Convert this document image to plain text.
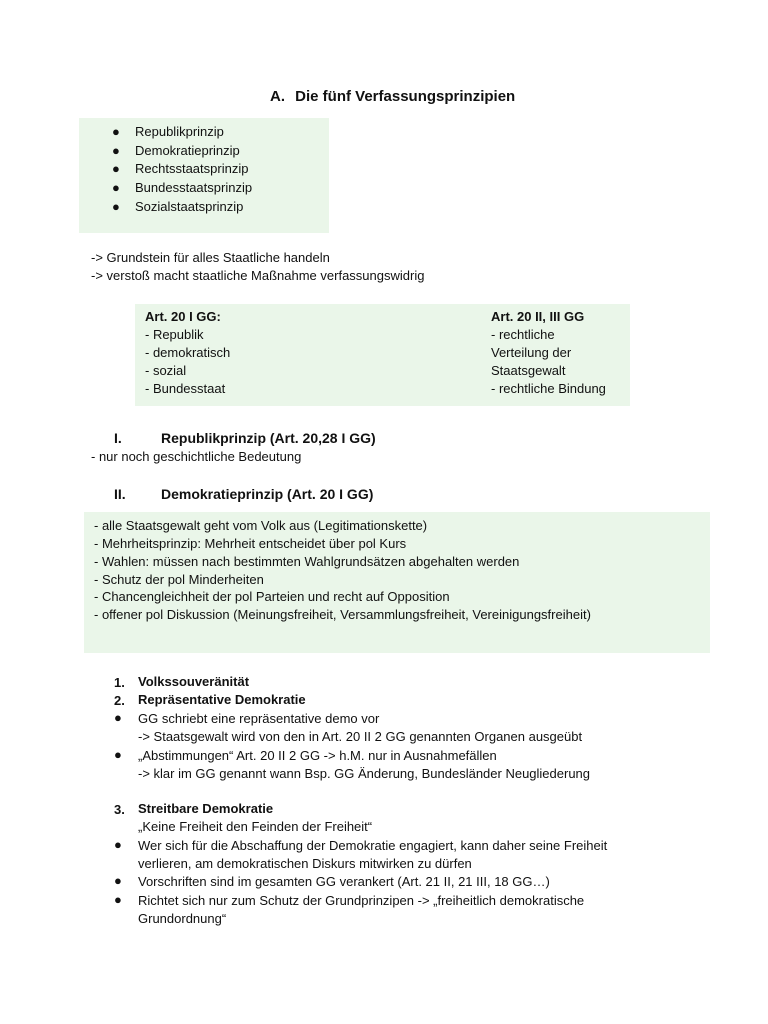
A. Die fünf Verfassungsprinzipien
● Republikprinzip
● Demokratieprinzip
● Rechtsstaatsprinzip
● Bundesstaatsprinzip
● Sozialstaatsprinzip
-> Grundstein für alles Staatliche handeln
-> verstoß macht staatliche Maßnahme verfassungswidrig
Art. 20 I GG:
- Republik
- demokratisch
- sozial
- Bundesstaat
Art. 20 II, III GG
- rechtliche
Verteilung der
Staatsgewalt
- rechtliche Bindung
I.	Republikprinzip (Art. 20,28 I GG)
- nur noch geschichtliche Bedeutung
II.	Demokratieprinzip (Art. 20 I GG)
- alle Staatsgewalt geht vom Volk aus (Legitimationskette)
- Mehrheitsprinzip: Mehrheit entscheidet über pol Kurs
- Wahlen: müssen nach bestimmten Wahlgrundsätzen abgehalten werden
- Schutz der pol Minderheiten
- Chancengleichheit der pol Parteien und recht auf Opposition
- offener pol Diskussion (Meinungsfreiheit, Versammlungsfreiheit, Vereinigungsfreiheit)
1. Volkssouveränität
2. Repräsentative Demokratie
● GG schriebt eine repräsentative demo vor
-> Staatsgewalt wird von den in Art. 20 II 2 GG genannten Organen ausgeübt
● „Abstimmungen“ Art. 20 II 2 GG -> h.M. nur in Ausnahmefällen
-> klar im GG genannt wann Bsp. GG Änderung, Bundesländer Neugliederung
3. Streitbare Demokratie
„Keine Freiheit den Feinden der Freiheit“
● Wer sich für die Abschaffung der Demokratie engagiert, kann daher seine Freiheit
verlieren, am demokratischen Diskurs mitwirken zu dürfen
● Vorschriften sind im gesamten GG verankert (Art. 21 II, 21 III, 18 GG…)
● Richtet sich nur zum Schutz der Grundprinzipen -> „freiheitlich demokratische
Grundordnung“
